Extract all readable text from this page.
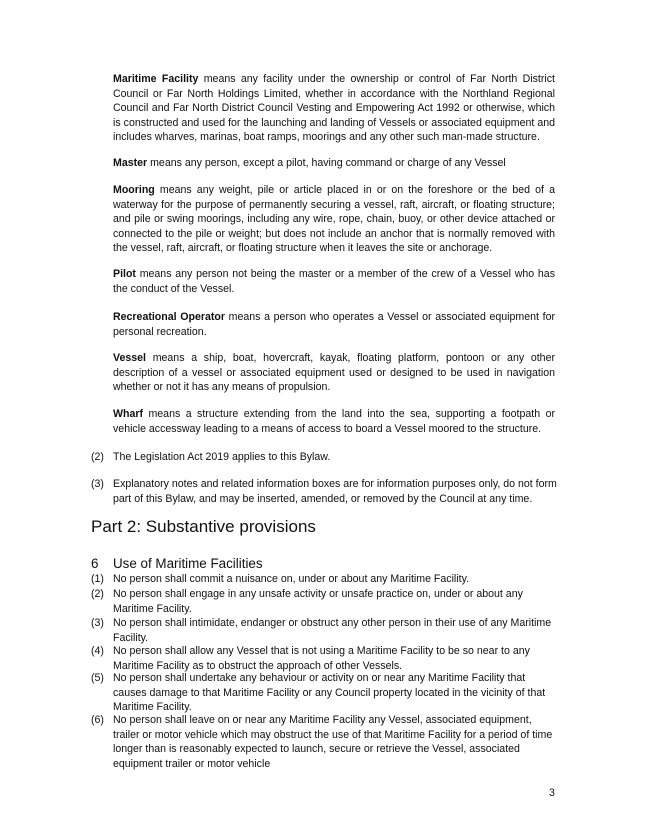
Maritime Facility means any facility under the ownership or control of Far North District Council or Far North Holdings Limited, whether in accordance with the Northland Regional Council and Far North District Council Vesting and Empowering Act 1992 or otherwise, which is constructed and used for the launching and landing of Vessels or associated equipment and includes wharves, marinas, boat ramps, moorings and any other such man-made structure.
Master means any person, except a pilot, having command or charge of any Vessel
Mooring means any weight, pile or article placed in or on the foreshore or the bed of a waterway for the purpose of permanently securing a vessel, raft, aircraft, or floating structure; and pile or swing moorings, including any wire, rope, chain, buoy, or other device attached or connected to the pile or weight; but does not include an anchor that is normally removed with the vessel, raft, aircraft, or floating structure when it leaves the site or anchorage.
Pilot means any person not being the master or a member of the crew of a Vessel who has the conduct of the Vessel.
Recreational Operator means a person who operates a Vessel or associated equipment for personal recreation.
Vessel means a ship, boat, hovercraft, kayak, floating platform, pontoon or any other description of a vessel or associated equipment used or designed to be used in navigation whether or not it has any means of propulsion.
Wharf means a structure extending from the land into the sea, supporting a footpath or vehicle accessway leading to a means of access to board a Vessel moored to the structure.
(2) The Legislation Act 2019 applies to this Bylaw.
(3) Explanatory notes and related information boxes are for information purposes only, do not form part of this Bylaw, and may be inserted, amended, or removed by the Council at any time.
Part 2: Substantive provisions
6 Use of Maritime Facilities
(1) No person shall commit a nuisance on, under or about any Maritime Facility.
(2) No person shall engage in any unsafe activity or unsafe practice on, under or about any Maritime Facility.
(3) No person shall intimidate, endanger or obstruct any other person in their use of any Maritime Facility.
(4) No person shall allow any Vessel that is not using a Maritime Facility to be so near to any Maritime Facility as to obstruct the approach of other Vessels.
(5) No person shall undertake any behaviour or activity on or near any Maritime Facility that causes damage to that Maritime Facility or any Council property located in the vicinity of that Maritime Facility.
(6) No person shall leave on or near any Maritime Facility any Vessel, associated equipment, trailer or motor vehicle which may obstruct the use of that Maritime Facility for a period of time longer than is reasonably expected to launch, secure or retrieve the Vessel, associated equipment trailer or motor vehicle
3
